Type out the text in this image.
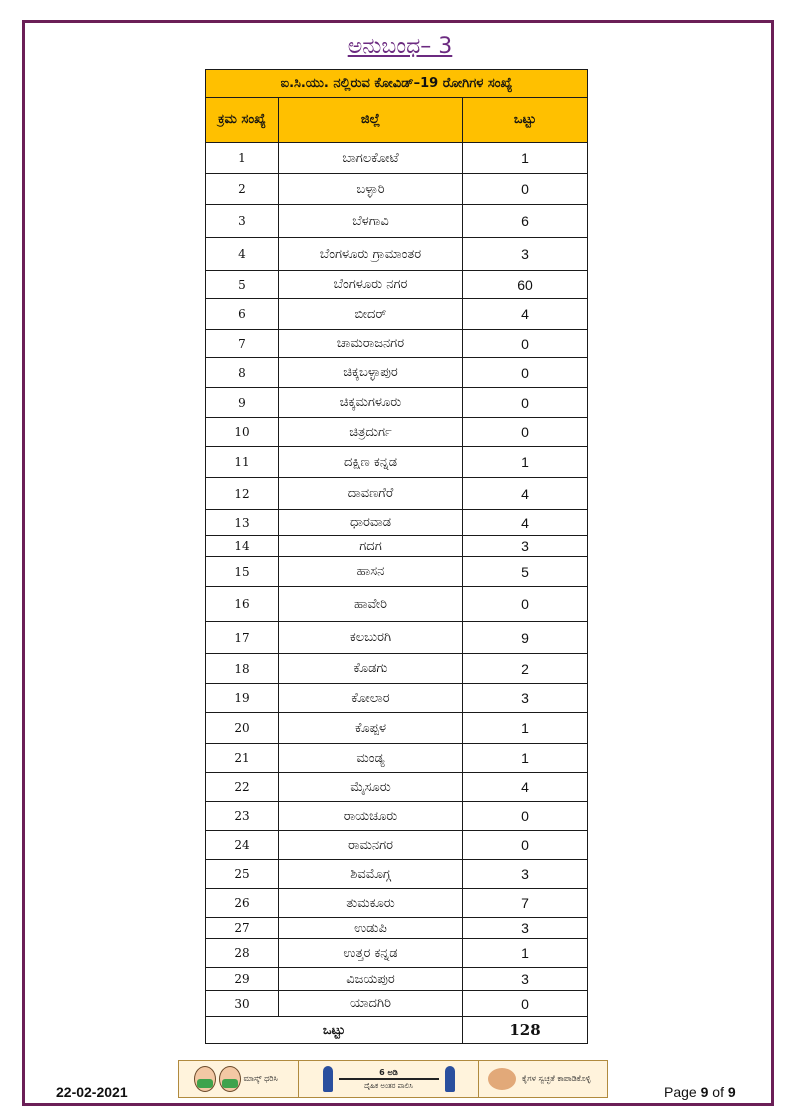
ಅನುಬಂಧ– 3
ಐ.ಸಿ.ಯು. ನಲ್ಲಿರುವ ಕೋವಿಡ್–19 ರೋಗಿಗಳ ಸಂಖ್ಯೆ		
ಕ್ರಮ ಸಂಖ್ಯೆ	ಜಿಲ್ಲೆ	ಒಟ್ಟು
1	ಬಾಗಲಕೋಟೆ	1
2	ಬಳ್ಳಾರಿ	0
3	ಬೆಳಗಾವಿ	6
4	ಬೆಂಗಳೂರು ಗ್ರಾಮಾಂತರ	3
5	ಬೆಂಗಳೂರು ನಗರ	60
6	ಬೀದರ್	4
7	ಚಾಮರಾಜನಗರ	0
8	ಚಿಕ್ಕಬಳ್ಳಾಪುರ	0
9	ಚಿಕ್ಕಮಗಳೂರು	0
10	ಚಿತ್ರದುರ್ಗ	0
11	ದಕ್ಷಿಣ ಕನ್ನಡ	1
12	ದಾವಣಗೆರೆ	4
13	ಧಾರವಾಡ	4
14	ಗದಗ	3
15	ಹಾಸನ	5
16	ಹಾವೇರಿ	0
17	ಕಲಬುರಗಿ	9
18	ಕೊಡಗು	2
19	ಕೋಲಾರ	3
20	ಕೊಪ್ಪಳ	1
21	ಮಂಡ್ಯ	1
22	ಮೈಸೂರು	4
23	ರಾಯಚೂರು	0
24	ರಾಮನಗರ	0
25	ಶಿವಮೊಗ್ಗ	3
26	ತುಮಕೂರು	7
27	ಉಡುಪಿ	3
28	ಉತ್ತರ ಕನ್ನಡ	1
29	ವಿಜಯಪುರ	3
30	ಯಾದಗಿರಿ	0
ಒಟ್ಟು		128
ಮಾಸ್ಕ್ ಧರಿಸಿ
6 ಅಡಿ
ದೈಹಿಕ ಅಂತರ ಪಾಲಿಸಿ
ಕೈಗಳ ಸ್ವಚ್ಛತೆ ಕಾಪಾಡಿಕೊಳ್ಳಿ
22-02-2021	Page 9 of 9
